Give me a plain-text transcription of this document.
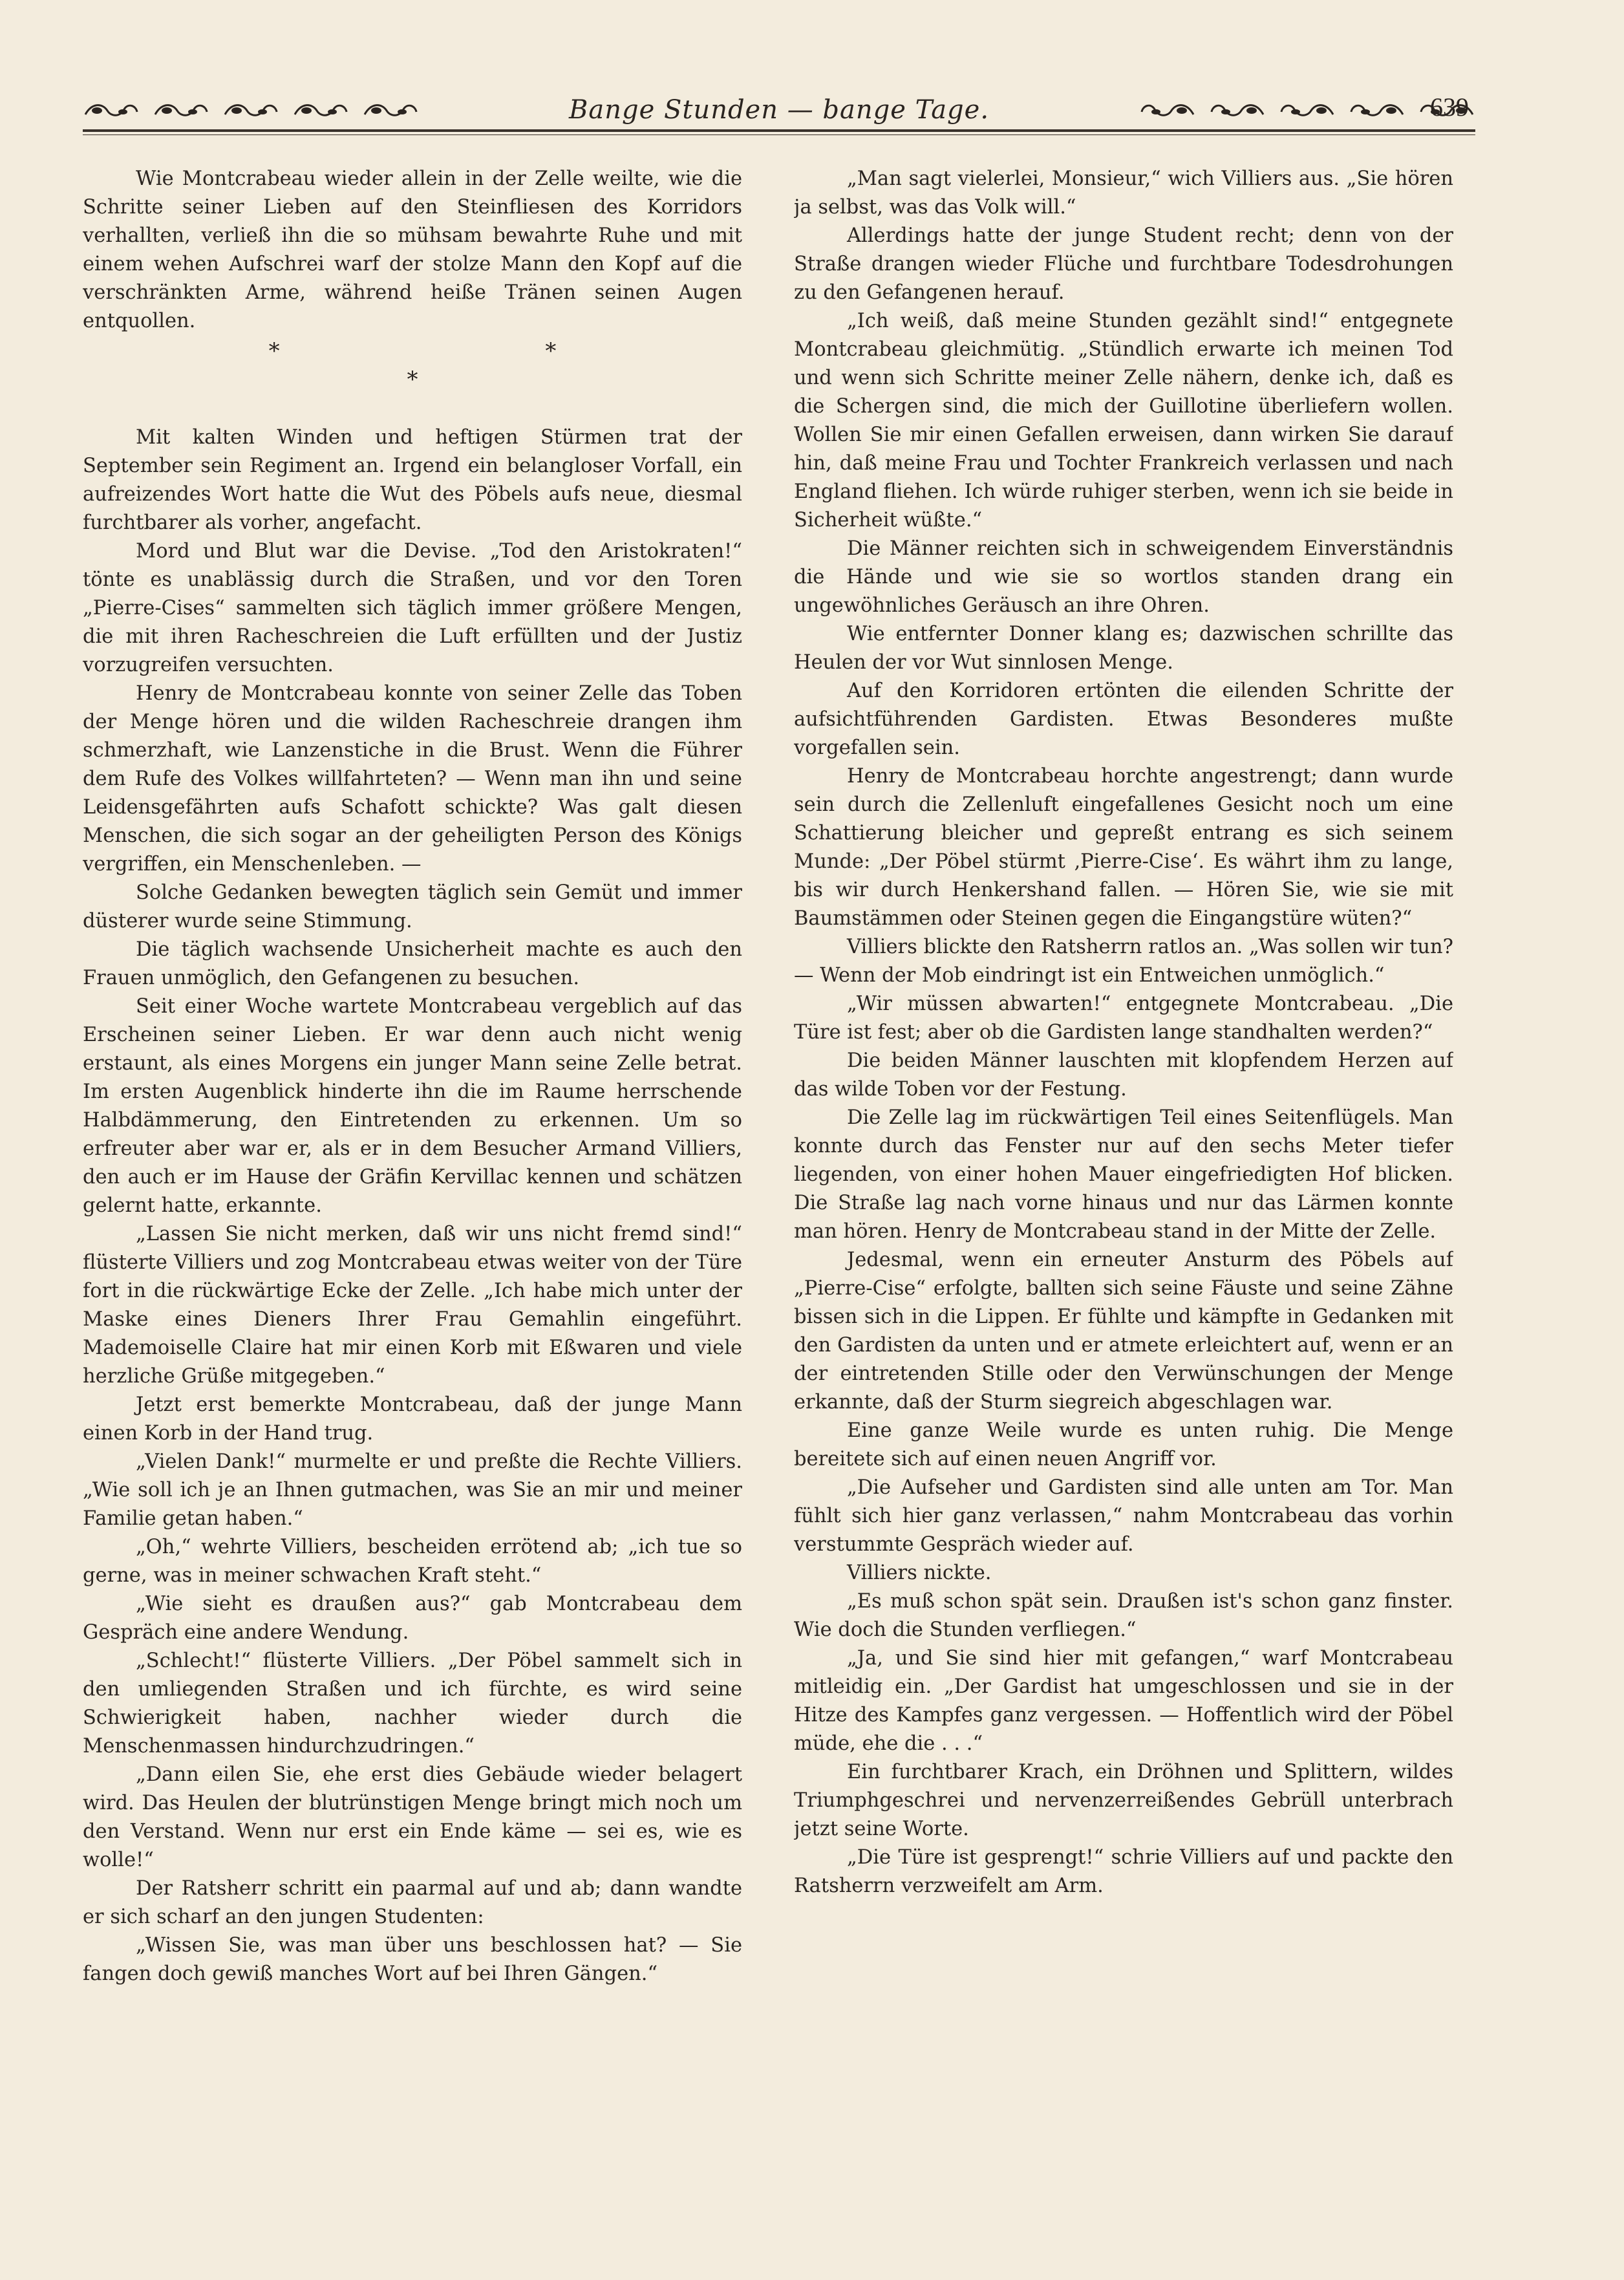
Bange Stunden — bange Tage.	639

Wie Montcrabeau wieder allein in der Zelle weilte, wie die Schritte seiner Lieben auf den Steinfliesen des Korridors verhallten, verließ ihn die so mühsam bewahrte Ruhe und mit einem wehen Aufschrei warf der stolze Mann den Kopf auf die verschränkten Arme, während heiße Tränen seinen Augen entquollen.

* * *

Mit kalten Winden und heftigen Stürmen trat der September sein Regiment an. Irgend ein belangloser Vorfall, ein aufreizendes Wort hatte die Wut des Pöbels aufs neue, diesmal furchtbarer als vorher, angefacht.

Mord und Blut war die Devise. „Tod den Aristokraten!“ tönte es unablässig durch die Straßen, und vor den Toren „Pierre-Cises“ sammelten sich täglich immer größere Mengen, die mit ihren Racheschreien die Luft erfüllten und der Justiz vorzugreifen versuchten.

Henry de Montcrabeau konnte von seiner Zelle das Toben der Menge hören und die wilden Racheschreie drangen ihm schmerzhaft, wie Lanzenstiche in die Brust. Wenn die Führer dem Rufe des Volkes willfahrteten? — Wenn man ihn und seine Leidensgefährten aufs Schafott schickte? Was galt diesen Menschen, die sich sogar an der geheiligten Person des Königs vergriffen, ein Menschenleben. —

Solche Gedanken bewegten täglich sein Gemüt und immer düsterer wurde seine Stimmung.

Die täglich wachsende Unsicherheit machte es auch den Frauen unmöglich, den Gefangenen zu besuchen.

Seit einer Woche wartete Montcrabeau vergeblich auf das Erscheinen seiner Lieben. Er war denn auch nicht wenig erstaunt, als eines Morgens ein junger Mann seine Zelle betrat. Im ersten Augenblick hinderte ihn die im Raume herrschende Halbdämmerung, den Eintretenden zu erkennen. Um so erfreuter aber war er, als er in dem Besucher Armand Villiers, den auch er im Hause der Gräfin Kervillac kennen und schätzen gelernt hatte, erkannte.

„Lassen Sie nicht merken, daß wir uns nicht fremd sind!“ flüsterte Villiers und zog Montcrabeau etwas weiter von der Türe fort in die rückwärtige Ecke der Zelle. „Ich habe mich unter der Maske eines Dieners Ihrer Frau Gemahlin eingeführt. Mademoiselle Claire hat mir einen Korb mit Eßwaren und viele herzliche Grüße mitgegeben.“

Jetzt erst bemerkte Montcrabeau, daß der junge Mann einen Korb in der Hand trug.

„Vielen Dank!“ murmelte er und preßte die Rechte Villiers. „Wie soll ich je an Ihnen gutmachen, was Sie an mir und meiner Familie getan haben.“

„Oh,“ wehrte Villiers, bescheiden errötend ab; „ich tue so gerne, was in meiner schwachen Kraft steht.“

„Wie sieht es draußen aus?“ gab Montcrabeau dem Gespräch eine andere Wendung.

„Schlecht!“ flüsterte Villiers. „Der Pöbel sammelt sich in den umliegenden Straßen und ich fürchte, es wird seine Schwierigkeit haben, nachher wieder durch die Menschenmassen hindurchzudringen.“

„Dann eilen Sie, ehe erst dies Gebäude wieder belagert wird. Das Heulen der blutrünstigen Menge bringt mich noch um den Verstand. Wenn nur erst ein Ende käme — sei es, wie es wolle!“

Der Ratsherr schritt ein paarmal auf und ab; dann wandte er sich scharf an den jungen Studenten:

„Wissen Sie, was man über uns beschlossen hat? — Sie fangen doch gewiß manches Wort auf bei Ihren Gängen.“

„Man sagt vielerlei, Monsieur,“ wich Villiers aus. „Sie hören ja selbst, was das Volk will.“

Allerdings hatte der junge Student recht; denn von der Straße drangen wieder Flüche und furchtbare Todesdrohungen zu den Gefangenen herauf.

„Ich weiß, daß meine Stunden gezählt sind!“ entgegnete Montcrabeau gleichmütig. „Stündlich erwarte ich meinen Tod und wenn sich Schritte meiner Zelle nähern, denke ich, daß es die Schergen sind, die mich der Guillotine überliefern wollen. Wollen Sie mir einen Gefallen erweisen, dann wirken Sie darauf hin, daß meine Frau und Tochter Frankreich verlassen und nach England fliehen. Ich würde ruhiger sterben, wenn ich sie beide in Sicherheit wüßte.“

Die Männer reichten sich in schweigendem Einverständnis die Hände und wie sie so wortlos standen drang ein ungewöhnliches Geräusch an ihre Ohren.

Wie entfernter Donner klang es; dazwischen schrillte das Heulen der vor Wut sinnlosen Menge.

Auf den Korridoren ertönten die eilenden Schritte der aufsichtführenden Gardisten. Etwas Besonderes mußte vorgefallen sein.

Henry de Montcrabeau horchte angestrengt; dann wurde sein durch die Zellenluft eingefallenes Gesicht noch um eine Schattierung bleicher und gepreßt entrang es sich seinem Munde: „Der Pöbel stürmt ‚Pierre-Cise‘. Es währt ihm zu lange, bis wir durch Henkershand fallen. — Hören Sie, wie sie mit Baumstämmen oder Steinen gegen die Eingangstüre wüten?“

Villiers blickte den Ratsherrn ratlos an. „Was sollen wir tun? — Wenn der Mob eindringt ist ein Entweichen unmöglich.“

„Wir müssen abwarten!“ entgegnete Montcrabeau. „Die Türe ist fest; aber ob die Gardisten lange standhalten werden?“

Die beiden Männer lauschten mit klopfendem Herzen auf das wilde Toben vor der Festung.

Die Zelle lag im rückwärtigen Teil eines Seitenflügels. Man konnte durch das Fenster nur auf den sechs Meter tiefer liegenden, von einer hohen Mauer eingefriedigten Hof blicken. Die Straße lag nach vorne hinaus und nur das Lärmen konnte man hören. Henry de Montcrabeau stand in der Mitte der Zelle.

Jedesmal, wenn ein erneuter Ansturm des Pöbels auf „Pierre-Cise“ erfolgte, ballten sich seine Fäuste und seine Zähne bissen sich in die Lippen. Er fühlte und kämpfte in Gedanken mit den Gardisten da unten und er atmete erleichtert auf, wenn er an der eintretenden Stille oder den Verwünschungen der Menge erkannte, daß der Sturm siegreich abgeschlagen war.

Eine ganze Weile wurde es unten ruhig. Die Menge bereitete sich auf einen neuen Angriff vor.

„Die Aufseher und Gardisten sind alle unten am Tor. Man fühlt sich hier ganz verlassen,“ nahm Montcrabeau das vorhin verstummte Gespräch wieder auf.

Villiers nickte.

„Es muß schon spät sein. Draußen ist's schon ganz finster. Wie doch die Stunden verfliegen.“

„Ja, und Sie sind hier mit gefangen,“ warf Montcrabeau mitleidig ein. „Der Gardist hat umgeschlossen und sie in der Hitze des Kampfes ganz vergessen. — Hoffentlich wird der Pöbel müde, ehe die . . .“

Ein furchtbarer Krach, ein Dröhnen und Splittern, wildes Triumphgeschrei und nervenzerreißendes Gebrüll unterbrach jetzt seine Worte.

„Die Türe ist gesprengt!“ schrie Villiers auf und packte den Ratsherrn verzweifelt am Arm.
